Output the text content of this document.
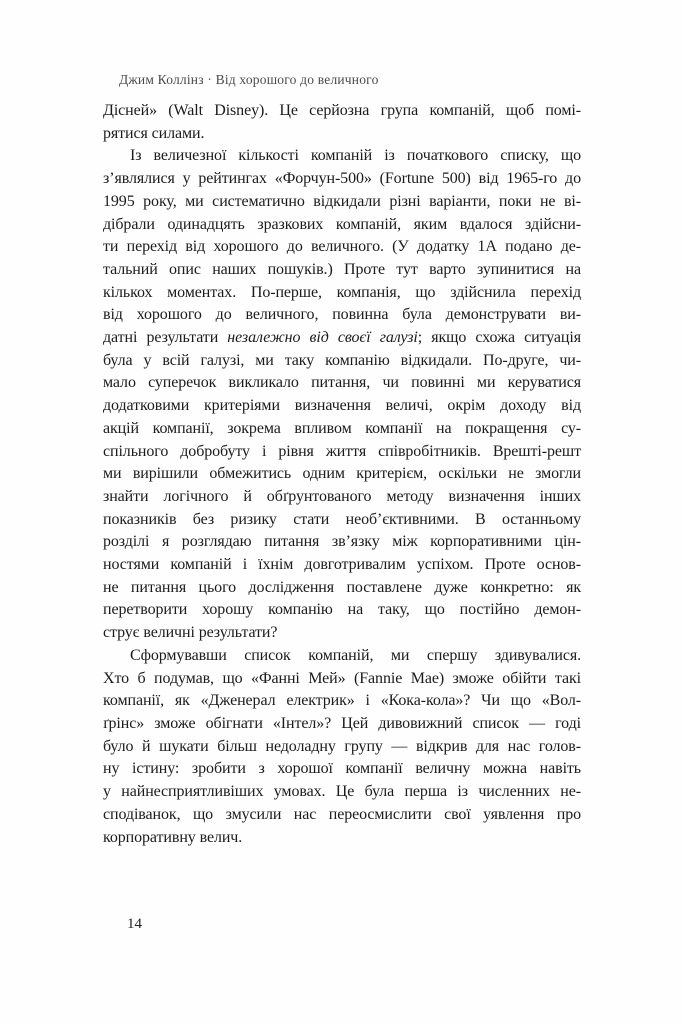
Джим Коллінз · Від хорошого до величного
Дісней» (Walt Disney). Це серйозна група компаній, щоб помі-
рятися силами.
Із величезної кількості компаній із початкового списку, що
з’являлися у рейтингах «Форчун-500» (Fortune 500) від 1965-го до
1995 року, ми систематично відкидали різні варіанти, поки не ві-
дібрали одинадцять зразкових компаній, яким вдалося здійсни-
ти перехід від хорошого до величного. (У додатку 1А подано де-
тальний опис наших пошуків.) Проте тут варто зупинитися на
кількох моментах. По-перше, компанія, що здійснила перехід
від хорошого до величного, повинна була демонструвати ви-
датні результати незалежно від своєї галузі; якщо схожа ситуація
була у всій галузі, ми таку компанію відкидали. По-друге, чи-
мало суперечок викликало питання, чи повинні ми керуватися
додатковими критеріями визначення величі, окрім доходу від
акцій компанії, зокрема впливом компанії на покращення су-
спільного добробуту і рівня життя співробітників. Врешті-решт
ми вирішили обмежитись одним критерієм, оскільки не змогли
знайти логічного й обґрунтованого методу визначення інших
показників без ризику стати необ’єктивними. В останньому
розділі я розглядаю питання зв’язку між корпоративними цін-
ностями компаній і їхнім довготривалим успіхом. Проте основ-
не питання цього дослідження поставлене дуже конкретно: як
перетворити хорошу компанію на таку, що постійно демон-
струє величні результати?
Сформувавши список компаній, ми спершу здивувалися.
Хто б подумав, що «Фанні Мей» (Fannie Mae) зможе обійти такі
компанії, як «Дженерал електрик» і «Кока-кола»? Чи що «Вол-
ґрінс» зможе обігнати «Інтел»? Цей дивовижний список — годі
було й шукати більш недоладну групу — відкрив для нас голов-
ну істину: зробити з хорошої компанії величну можна навіть
у найнесприятливіших умовах. Це була перша із численних не-
сподіванок, що змусили нас переосмислити свої уявлення про
корпоративну велич.
14
